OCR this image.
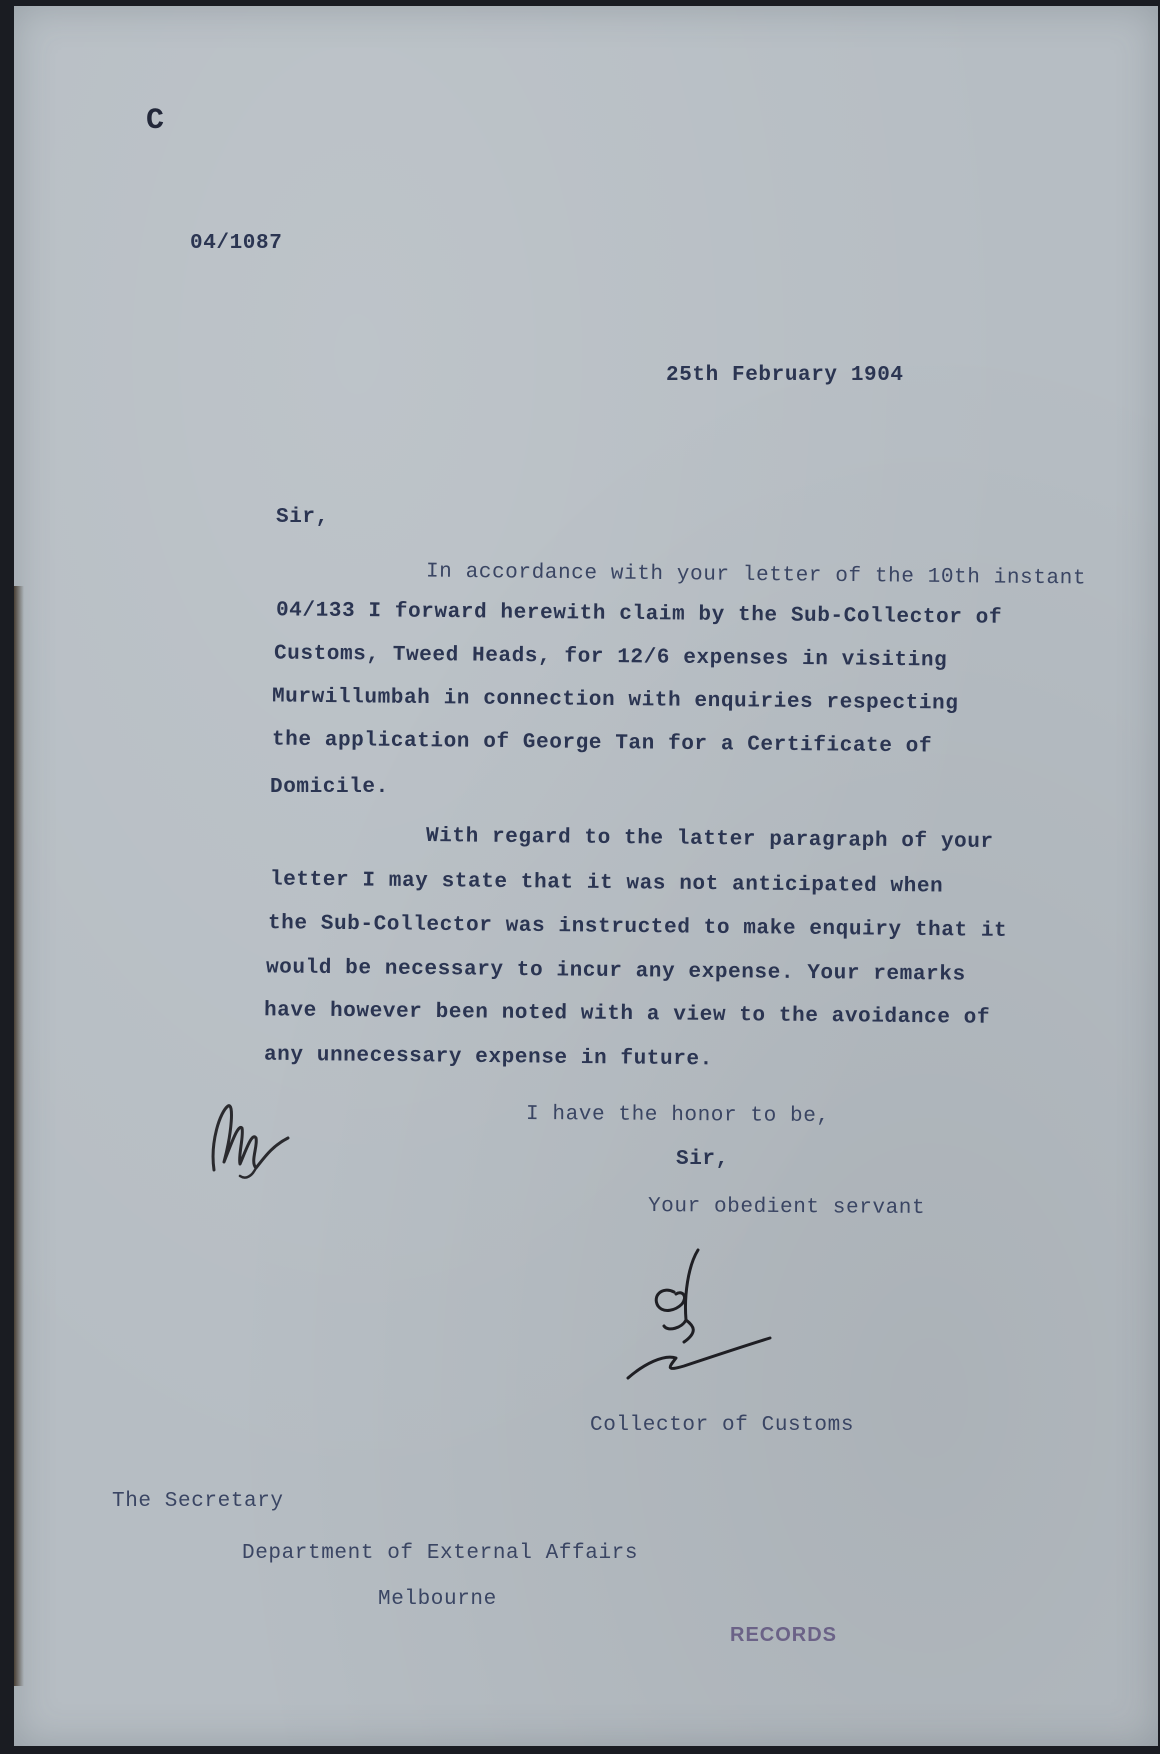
C
04/1087
25th February 1904
Sir,
In accordance with your letter of the 10th instant
04/133 I forward herewith claim by the Sub-Collector of
Customs, Tweed Heads, for 12/6 expenses in visiting
Murwillumbah in connection with enquiries respecting
the application of George Tan for a Certificate of
Domicile.
With regard to the latter paragraph of your
letter I may state that it was not anticipated when
the Sub-Collector was instructed to make enquiry that it
would be necessary to incur any expense. Your remarks
have however been noted with a view to the avoidance of
any unnecessary expense in future.
I have the honor to be,
Sir,
Your obedient servant
Collector of Customs
The Secretary
Department of External Affairs
Melbourne
RECORDS
